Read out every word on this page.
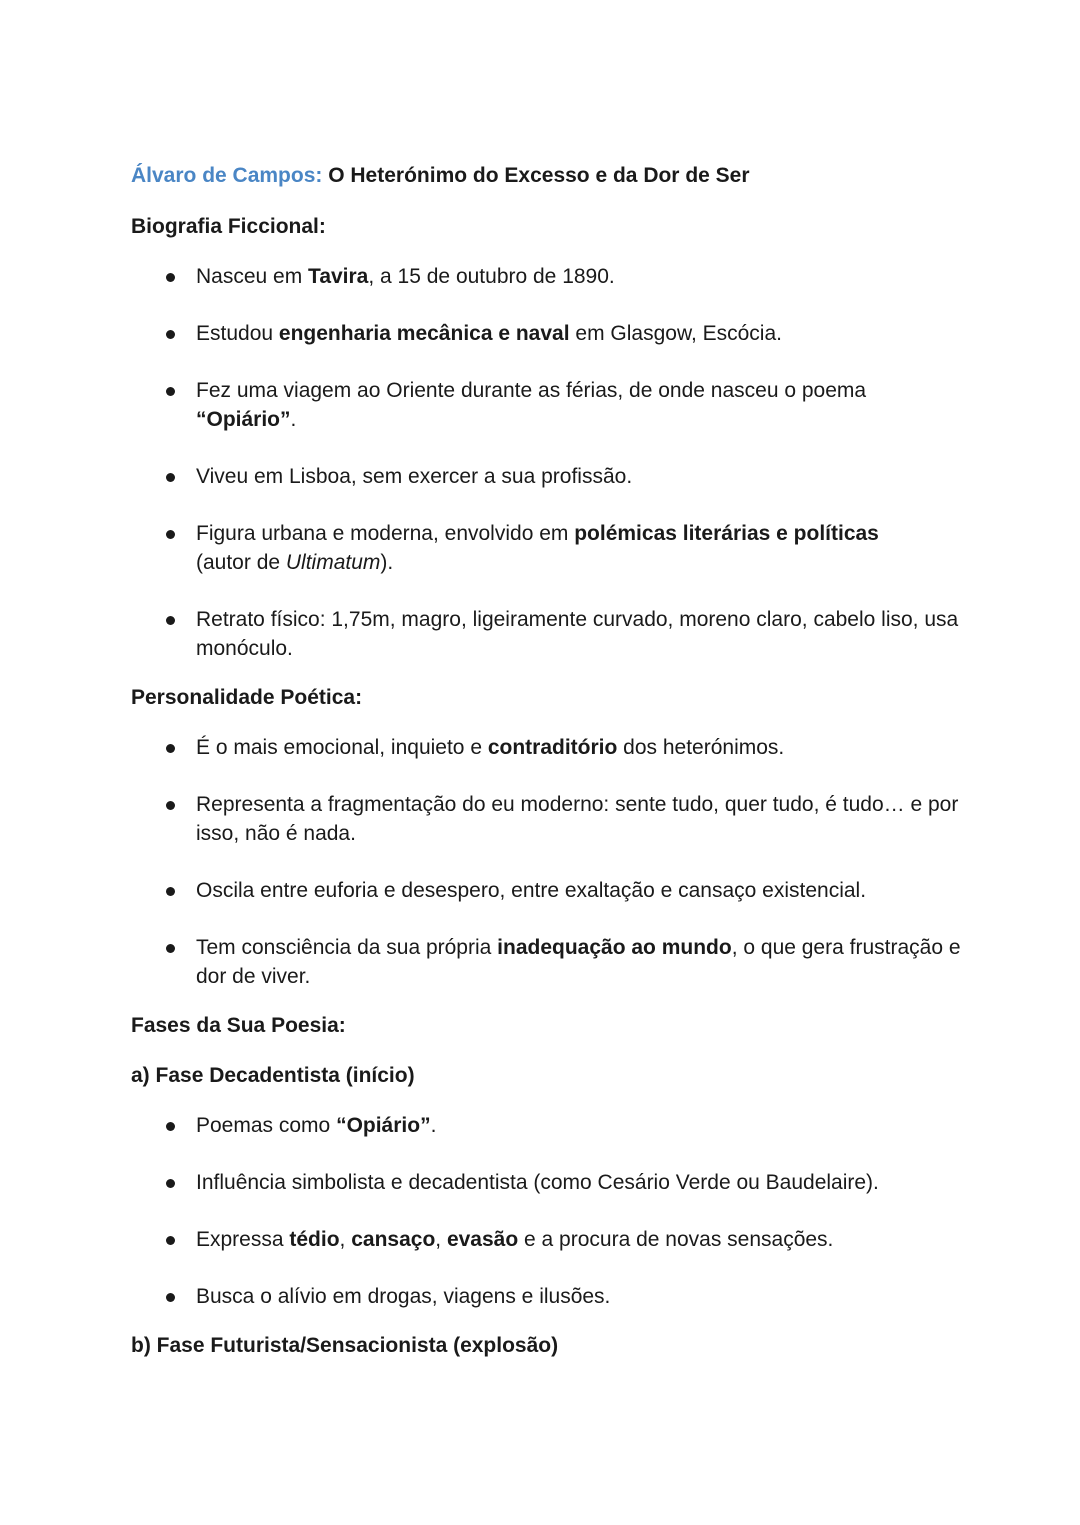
Álvaro de Campos: O Heterónimo do Excesso e da Dor de Ser

Biografia Ficcional:

Nasceu em Tavira, a 15 de outubro de 1890.
Estudou engenharia mecânica e naval em Glasgow, Escócia.
Fez uma viagem ao Oriente durante as férias, de onde nasceu o poema
“Opiário”.
Viveu em Lisboa, sem exercer a sua profissão.
Figura urbana e moderna, envolvido em polémicas literárias e políticas
(autor de Ultimatum).
Retrato físico: 1,75m, magro, ligeiramente curvado, moreno claro, cabelo liso, usa monóculo.

Personalidade Poética:

É o mais emocional, inquieto e contraditório dos heterónimos.
Representa a fragmentação do eu moderno: sente tudo, quer tudo, é tudo… e por isso, não é nada.
Oscila entre euforia e desespero, entre exaltação e cansaço existencial.
Tem consciência da sua própria inadequação ao mundo, o que gera frustração e dor de viver.

Fases da Sua Poesia:

a) Fase Decadentista (início)

Poemas como “Opiário”.
Influência simbolista e decadentista (como Cesário Verde ou Baudelaire).
Expressa tédio, cansaço, evasão e a procura de novas sensações.
Busca o alívio em drogas, viagens e ilusões.

b) Fase Futurista/Sensacionista (explosão)
